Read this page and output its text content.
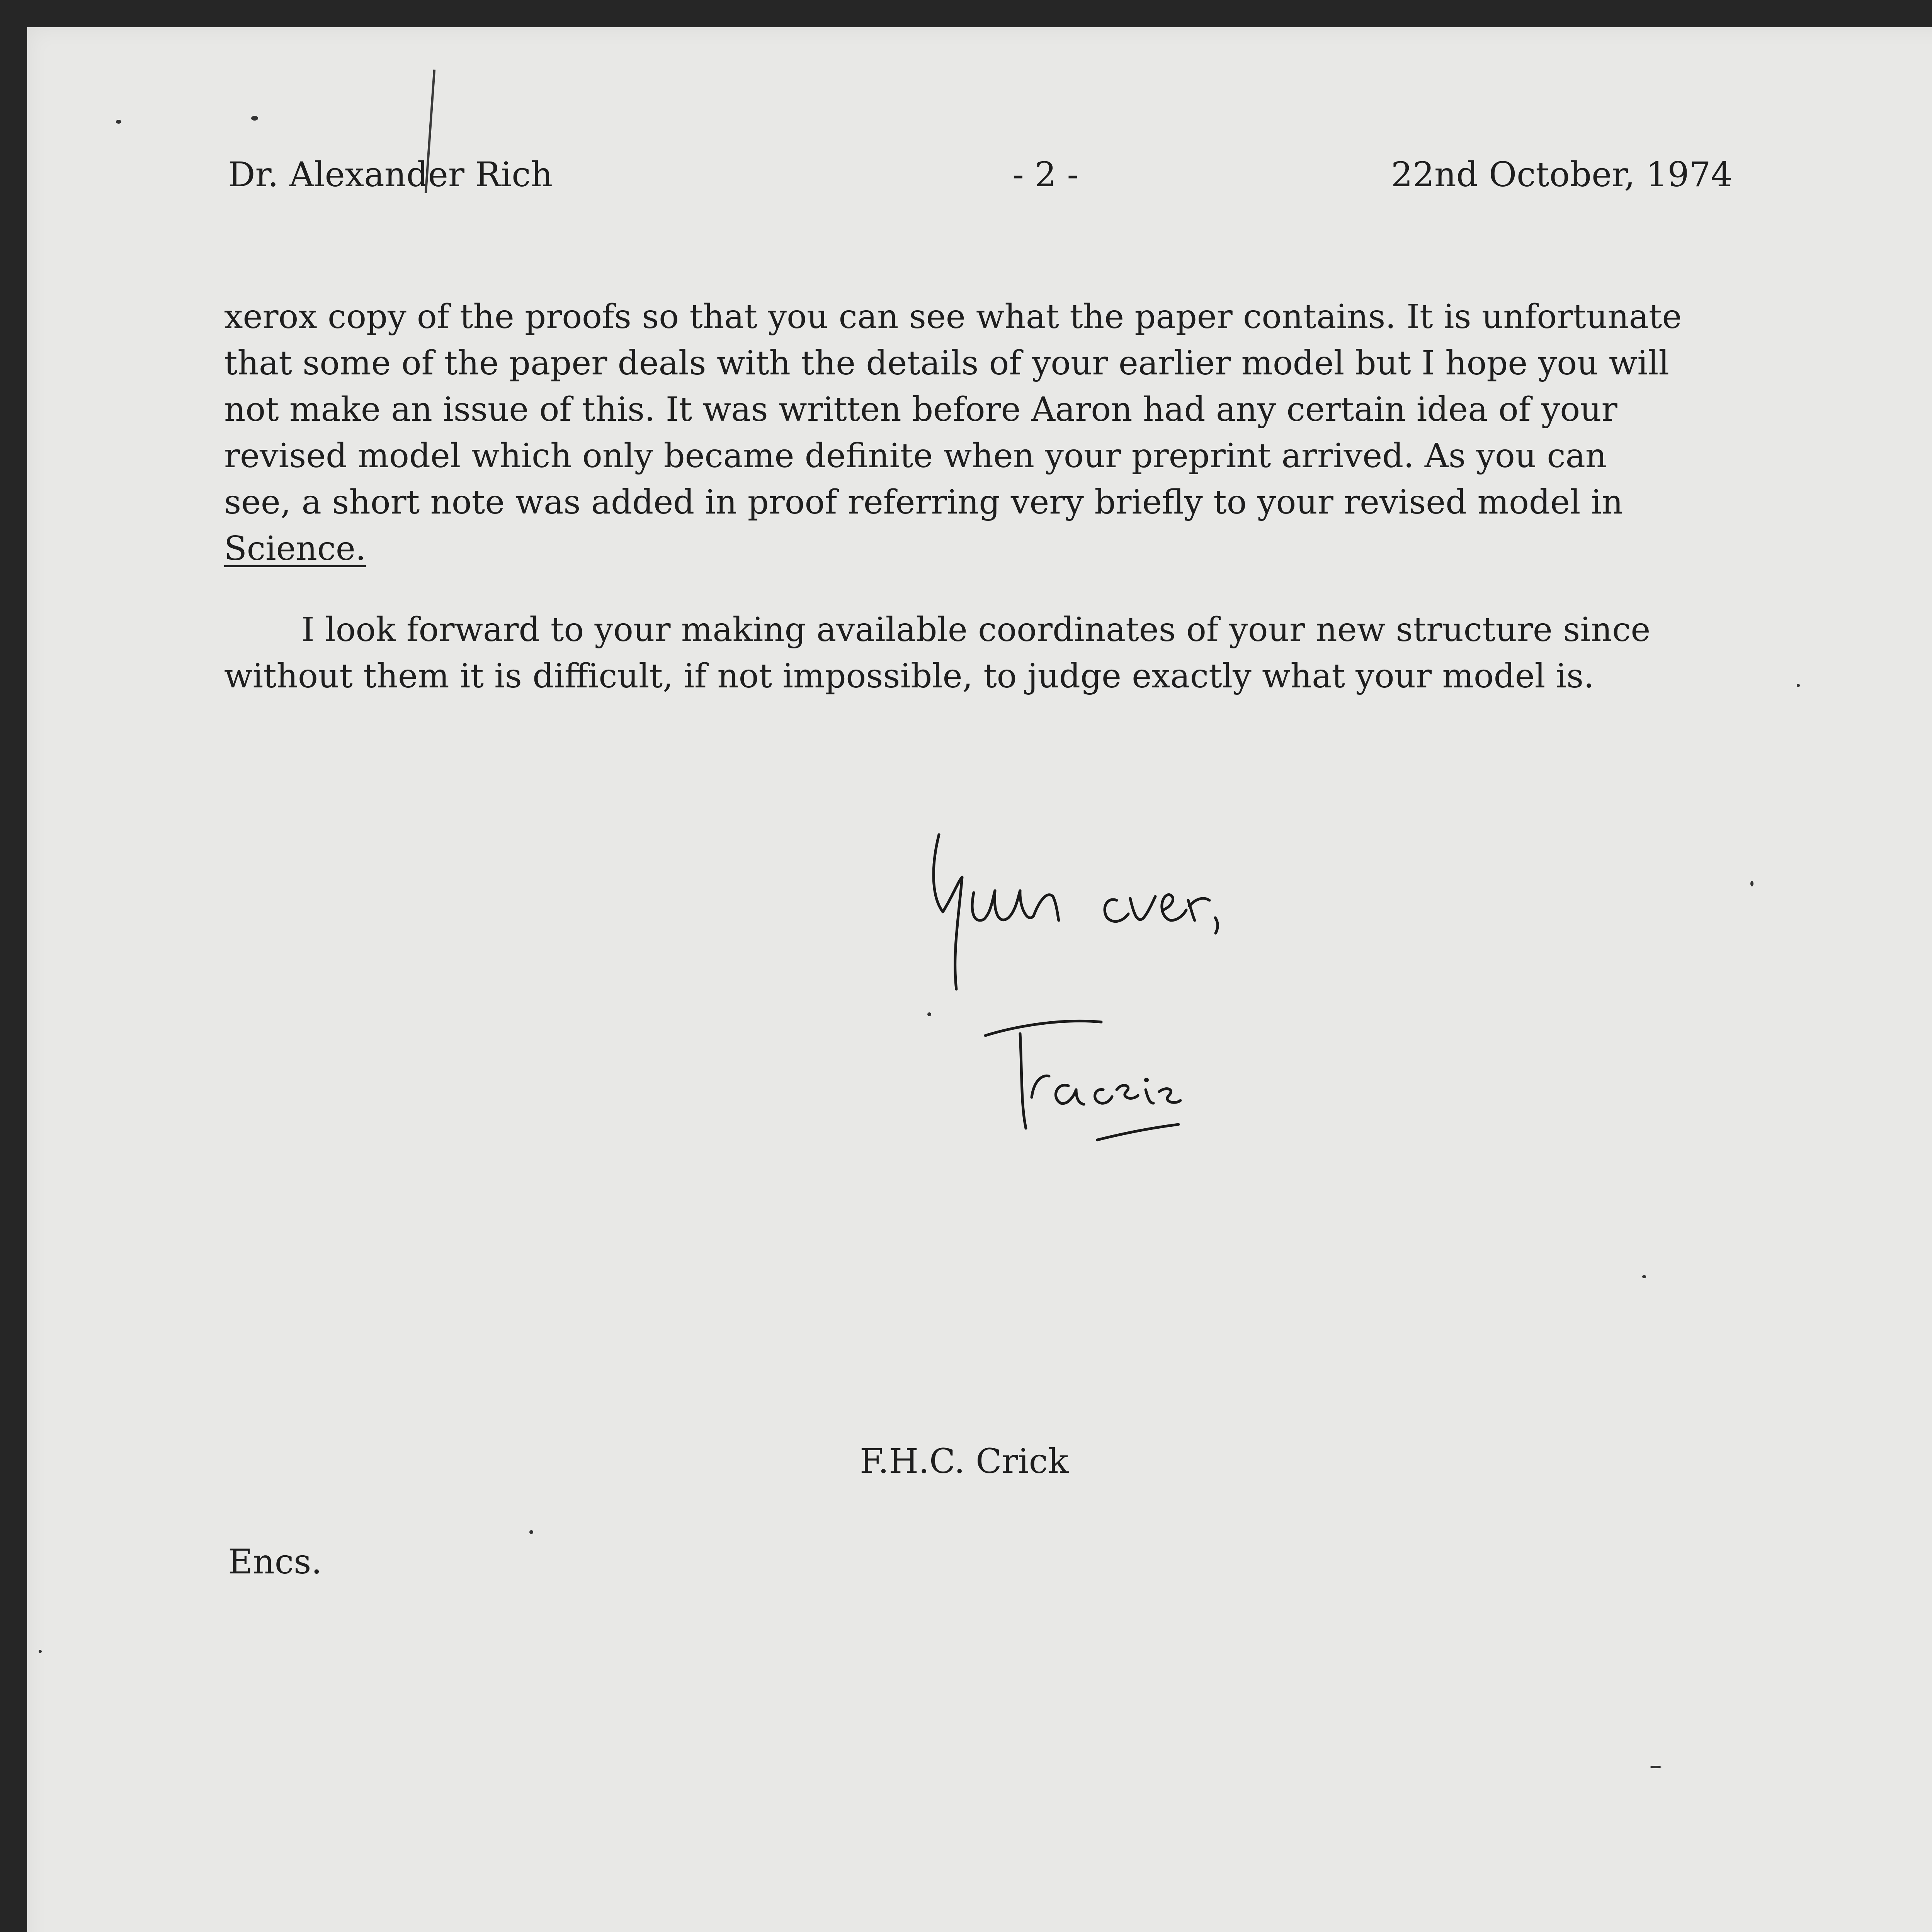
Dr. Alexander Rich	- 2 -	22nd October, 1974
xerox copy of the proofs so that you can see what the paper contains. It is unfortunate
that some of the paper deals with the details of your earlier model but I hope you will
not make an issue of this. It was written before Aaron had any certain idea of your
revised model which only became definite when your preprint arrived. As you can
see, a short note was added in proof referring very briefly to your revised model in
Science.
I look forward to your making available coordinates of your new structure since
without them it is difficult, if not impossible, to judge exactly what your model is.
F.H.C. Crick
Encs.
